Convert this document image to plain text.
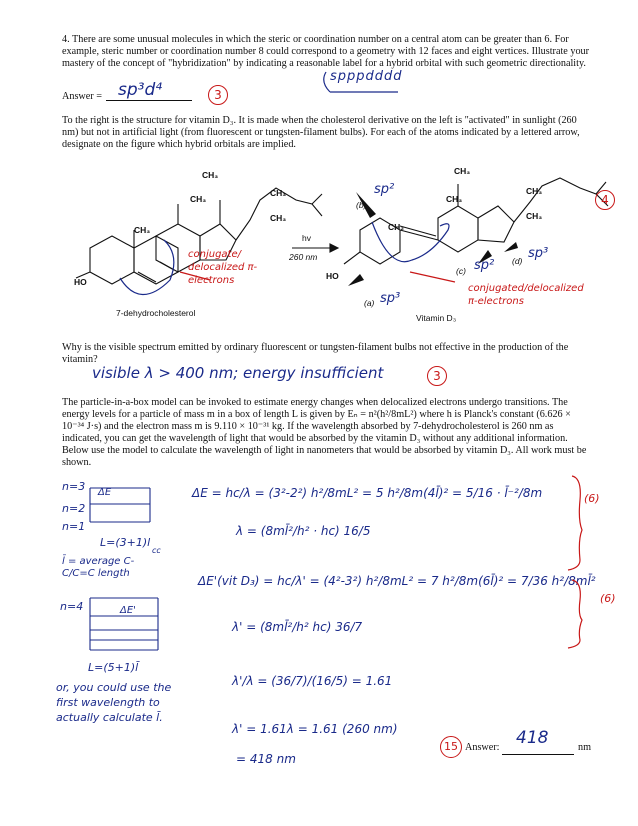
4. There are some unusual molecules in which the steric or coordination number on a central atom can be greater than 6. For example, steric number or coordination number 8 could correspond to a geometry with 12 faces and eight vertices. Illustrate your mastery of the concept of "hybridization" by indicating a reasonable label for a hybrid orbital with such geometric directionality.
Answer = sp³d⁴	3
spppdddd
To the right is the structure for vitamin D₃. It is made when the cholesterol derivative on the left is "activated" in sunlight (260 nm) but not in artificial light (from fluorescent or tungsten-filament bulbs). For each of the atoms indicated by a lettered arrow, designate on the figure which hybrid orbitals are implied.
CH₃
CH₃
CH₃
CH₃
CH₃
HO
hv
260 nm
7-dehydrocholesterol
conjugate/ delocalized π-electrons
CH₃
CH₃
CH₃
CH₃
CH₂
HO
Vitamin D₃
(b)
sp²
(a) sp³
(c) sp² (d) sp³
conjugated/delocalized π-electrons
4
Why is the visible spectrum emitted by ordinary fluorescent or tungsten-filament bulbs not effective in the production of the vitamin?
visible λ > 400 nm; energy insufficient	3
The particle-in-a-box model can be invoked to estimate energy changes when delocalized electrons undergo transitions. The energy levels for a particle of mass m in a box of length L is given by Eₙ = n²(h²/8mL²) where h is Planck's constant (6.626 × 10⁻³⁴ J·s) and the electron mass m is 9.110 × 10⁻³¹ kg. If the wavelength absorbed by 7-dehydrocholesterol is 260 nm as indicated, you can get the wavelength of light that would be absorbed by the vitamin D₃ without any additional information. Below use the model to calculate the wavelength of light in nanometers that would be absorbed by vitamin D₃. All work must be shown.
n=3
n=2
n=1
ΔE
L=(3+1)l
cc
l̄ = average C-C/C=C length
n=4	ΔE'
L=(5+1)l̄
or, you could use the first wavelength to actually calculate l̄.
ΔE = hc/λ = (3²-2²) h²/8mL² = 5 h²/8m(4l̄)² = 5/16 · l̄⁻²/8m
λ = (8ml̄²/h² · hc) 16/5
ΔE'(vit D₃) = hc/λ' = (4²-3²) h²/8mL² = 7 h²/8m(6l̄)² = 7/36 h²/8ml̄²
λ' = (8ml̄²/h² hc) 36/7
λ'/λ = (36/7)/(16/5) = 1.61
λ' = 1.61λ = 1.61 (260 nm)
= 418 nm
(6)
(6)
15 Answer: 418	nm
